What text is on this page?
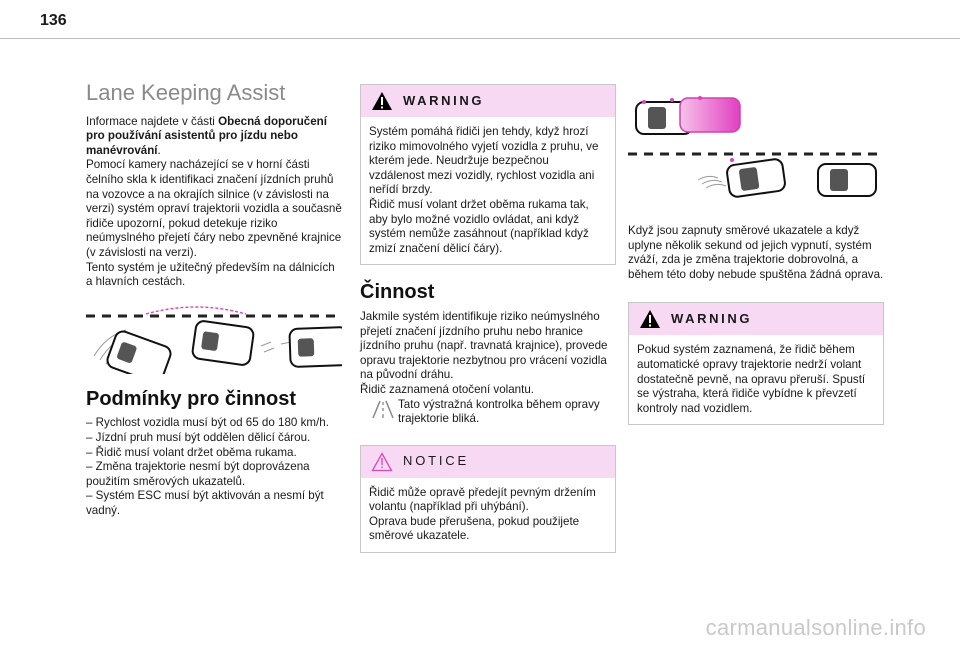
136
Lane Keeping Assist

Informace najdete v části Obecná doporučení pro používání asistentů pro jízdu nebo manévrování.

Pomocí kamery nacházející se v horní části čelního skla k identifikaci značení jízdních pruhů na vozovce a na okrajích silnice (v závislosti na verzi) systém opraví trajektorii vozidla a současně řidiče upozorní, pokud detekuje riziko neúmyslného přejetí čáry nebo zpevněné krajnice (v závislosti na verzi).

Tento systém je užitečný především na dálnicích a hlavních cestách.

Podmínky pro činnost
– Rychlost vozidla musí být od 65 do 180 km/h.
– Jízdní pruh musí být oddělen dělicí čárou.
– Řidič musí volant držet oběma rukama.
– Změna trajektorie nesmí být doprovázena použitím směrových ukazatelů.
– Systém ESC musí být aktivován a nesmí být vadný.
WARNING

Systém pomáhá řidiči jen tehdy, když hrozí riziko mimovolného vyjetí vozidla z pruhu, ve kterém jede. Neudržuje bezpečnou vzdálenost mezi vozidly, rychlost vozidla ani neřídí brzdy.

Řidič musí volant držet oběma rukama tak, aby bylo možné vozidlo ovládat, ani když systém nemůže zasáhnout (například když zmizí značení dělicí čáry).

Činnost

Jakmile systém identifikuje riziko neúmyslného přejetí značení jízdního pruhu nebo hranice jízdního pruhu (např. travnatá krajnice), provede opravu trajektorie nezbytnou pro vrácení vozidla na původní dráhu.

Řidič zaznamená otočení volantu.

Tato výstražná kontrolka během opravy trajektorie bliká.
NOTICE

Řidič může opravě předejít pevným držením volantu (například při uhýbání).

Oprava bude přerušena, pokud použijete směrové ukazatele.

Když jsou zapnuty směrové ukazatele a když uplyne několik sekund od jejich vypnutí, systém zváží, zda je změna trajektorie dobrovolná, a během této doby nebude spuštěna žádná oprava.

WARNING

Pokud systém zaznamená, že řidič během automatické opravy trajektorie nedrží volant dostatečně pevně, na opravu přeruší. Spustí se výstraha, která řidiče vybídne k převzetí kontroly nad vozidlem.

carmanualsonline.info
